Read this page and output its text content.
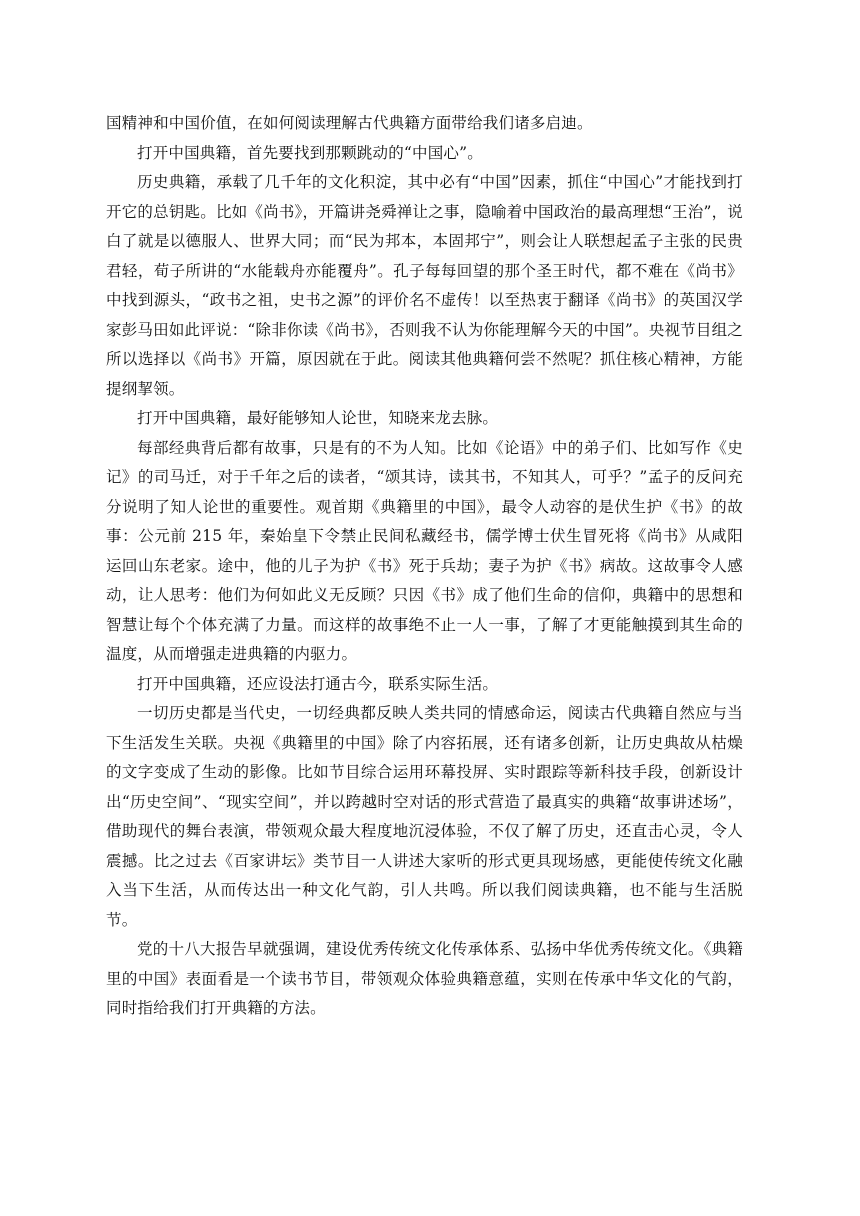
国精神和中国价值，在如何阅读理解古代典籍方面带给我们诸多启迪。

打开中国典籍，首先要找到那颗跳动的“中国心”。

历史典籍，承载了几千年的文化积淀，其中必有“中国”因素，抓住“中国心”才能找到打开它的总钥匙。比如《尚书》，开篇讲尧舜禅让之事，隐喻着中国政治的最高理想“王治”，说白了就是以德服人、世界大同；而“民为邦本，本固邦宁”，则会让人联想起孟子主张的民贵君轻，荀子所讲的“水能载舟亦能覆舟”。孔子每每回望的那个圣王时代，都不难在《尚书》中找到源头，“政书之祖，史书之源”的评价名不虚传！以至热衷于翻译《尚书》的英国汉学家彭马田如此评说：“除非你读《尚书》，否则我不认为你能理解今天的中国”。央视节目组之所以选择以《尚书》开篇，原因就在于此。阅读其他典籍何尝不然呢？抓住核心精神，方能提纲挈领。

打开中国典籍，最好能够知人论世，知晓来龙去脉。

每部经典背后都有故事，只是有的不为人知。比如《论语》中的弟子们、比如写作《史记》的司马迁，对于千年之后的读者，“颂其诗，读其书，不知其人，可乎？”孟子的反问充分说明了知人论世的重要性。观首期《典籍里的中国》，最令人动容的是伏生护《书》的故事：公元前 215 年，秦始皇下令禁止民间私藏经书，儒学博士伏生冒死将《尚书》从咸阳运回山东老家。途中，他的儿子为护《书》死于兵劫；妻子为护《书》病故。这故事令人感动，让人思考：他们为何如此义无反顾？只因《书》成了他们生命的信仰，典籍中的思想和智慧让每个个体充满了力量。而这样的故事绝不止一人一事，了解了才更能触摸到其生命的温度，从而增强走进典籍的内驱力。

打开中国典籍，还应设法打通古今，联系实际生活。

一切历史都是当代史，一切经典都反映人类共同的情感命运，阅读古代典籍自然应与当下生活发生关联。央视《典籍里的中国》除了内容拓展，还有诸多创新，让历史典故从枯燥的文字变成了生动的影像。比如节目综合运用环幕投屏、实时跟踪等新科技手段，创新设计出“历史空间”、“现实空间”，并以跨越时空对话的形式营造了最真实的典籍“故事讲述场”，借助现代的舞台表演，带领观众最大程度地沉浸体验，不仅了解了历史，还直击心灵，令人震撼。比之过去《百家讲坛》类节目一人讲述大家听的形式更具现场感，更能使传统文化融入当下生活，从而传达出一种文化气韵，引人共鸣。所以我们阅读典籍，也不能与生活脱节。

党的十八大报告早就强调，建设优秀传统文化传承体系、弘扬中华优秀传统文化。《典籍里的中国》表面看是一个读书节目，带领观众体验典籍意蕴，实则在传承中华文化的气韵，同时指给我们打开典籍的方法。
